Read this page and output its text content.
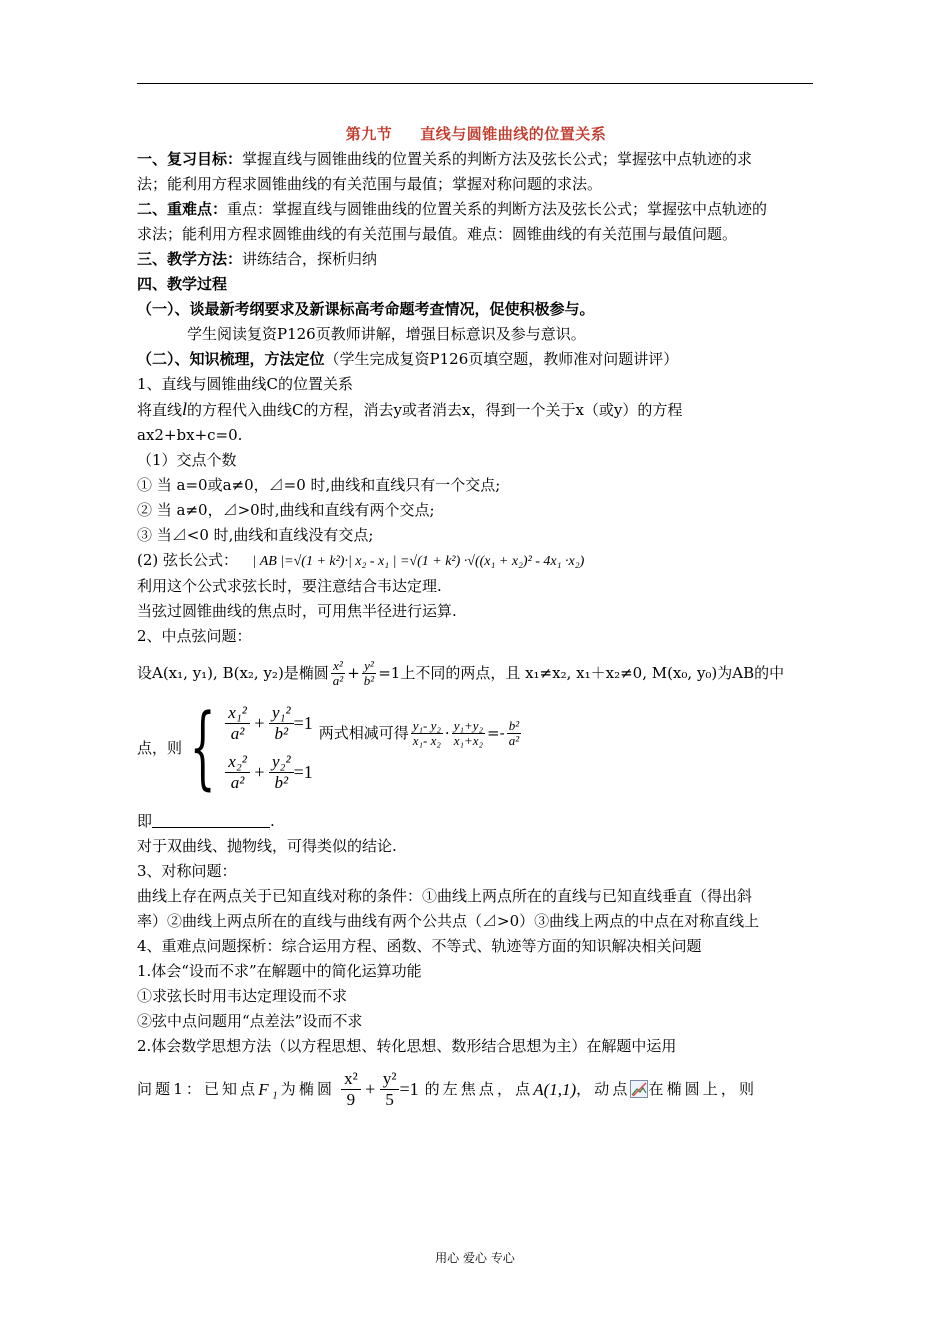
第九节 直线与圆锥曲线的位置关系

一、复习目标：掌握直线与圆锥曲线的位置关系的判断方法及弦长公式；掌握弦中点轨迹的求

法；能利用方程求圆锥曲线的有关范围与最值；掌握对称问题的求法。

二、重难点：重点：掌握直线与圆锥曲线的位置关系的判断方法及弦长公式；掌握弦中点轨迹的

求法；能利用方程求圆锥曲线的有关范围与最值。难点：圆锥曲线的有关范围与最值问题。

三、教学方法：讲练结合，探析归纳

四、教学过程

（一）、谈最新考纲要求及新课标高考命题考查情况，促使积极参与。

学生阅读复资P126页教师讲解，增强目标意识及参与意识。

（二）、知识梳理，方法定位（学生完成复资P126页填空题，教师准对问题讲评）

1、直线与圆锥曲线C的位置关系

将直线l的方程代入曲线C的方程，消去y或者消去x，得到一个关于x（或y）的方程

ax2+bx+c=0.

（1）交点个数

① 当 a=0或a≠0，⊿=0 时,曲线和直线只有一个交点;

② 当 a≠0，⊿>0时,曲线和直线有两个交点;

③ 当⊿<0 时,曲线和直线没有交点;

(2) 弦长公式： | AB |=√(1 + k²)·| x₂ - x₁ | =√(1 + k²) ·√((x₁ + x₂)² - 4x₁ ·x₂)

利用这个公式求弦长时，要注意结合韦达定理.

当弦过圆锥曲线的焦点时，可用焦半径进行运算.

2、中点弦问题：

设A(x₁, y₁), B(x₂, y₂)是椭圆 $\frac{\text{x²}}{\text{a²}} + \frac{\text{y²}}{\text{b²}} =1$ 上不同的两点，且 x₁≠x₂, x₁＋x₂≠0, M(x₀, y₀)为AB的中
点，则 { x₁²
a²
+ $\frac{\text{y₁²}}{\text{b²}} =1$
x₂²
a²
+ $\frac{\text{y₂²}}{\text{b²}} =1$
两式相减可得 $\frac{\text{y₁- y₂}}{\text{x₁- x₂}} \cdot \frac{\text{y₁+y₂}}{\text{x₁+x₂}} =- \frac{\text{b²}}{\text{a²}}$

即	.

对于双曲线、抛物线，可得类似的结论.

3、对称问题：

曲线上存在两点关于已知直线对称的条件：①曲线上两点所在的直线与已知直线垂直（得出斜

率）②曲线上两点所在的直线与曲线有两个公共点（⊿>0）③曲线上两点的中点在对称直线上

4、重难点问题探析：综合运用方程、函数、不等式、轨迹等方面的知识解决相关问题

1.体会“设而不求”在解题中的简化运算功能

①求弦长时用韦达定理设而不求

②弦中点问题用“点差法”设而不求

2.体会数学思想方法（以方程思想、转化思想、数形结合思想为主）在解题中运用

问题1：已知点 F₁ 为椭圆
x²
9
+ $\frac{\text{y²}}{5} =1$ 的左焦点，点 A(1,1) ，动点 在椭圆上，则
用心 爱心 专心
